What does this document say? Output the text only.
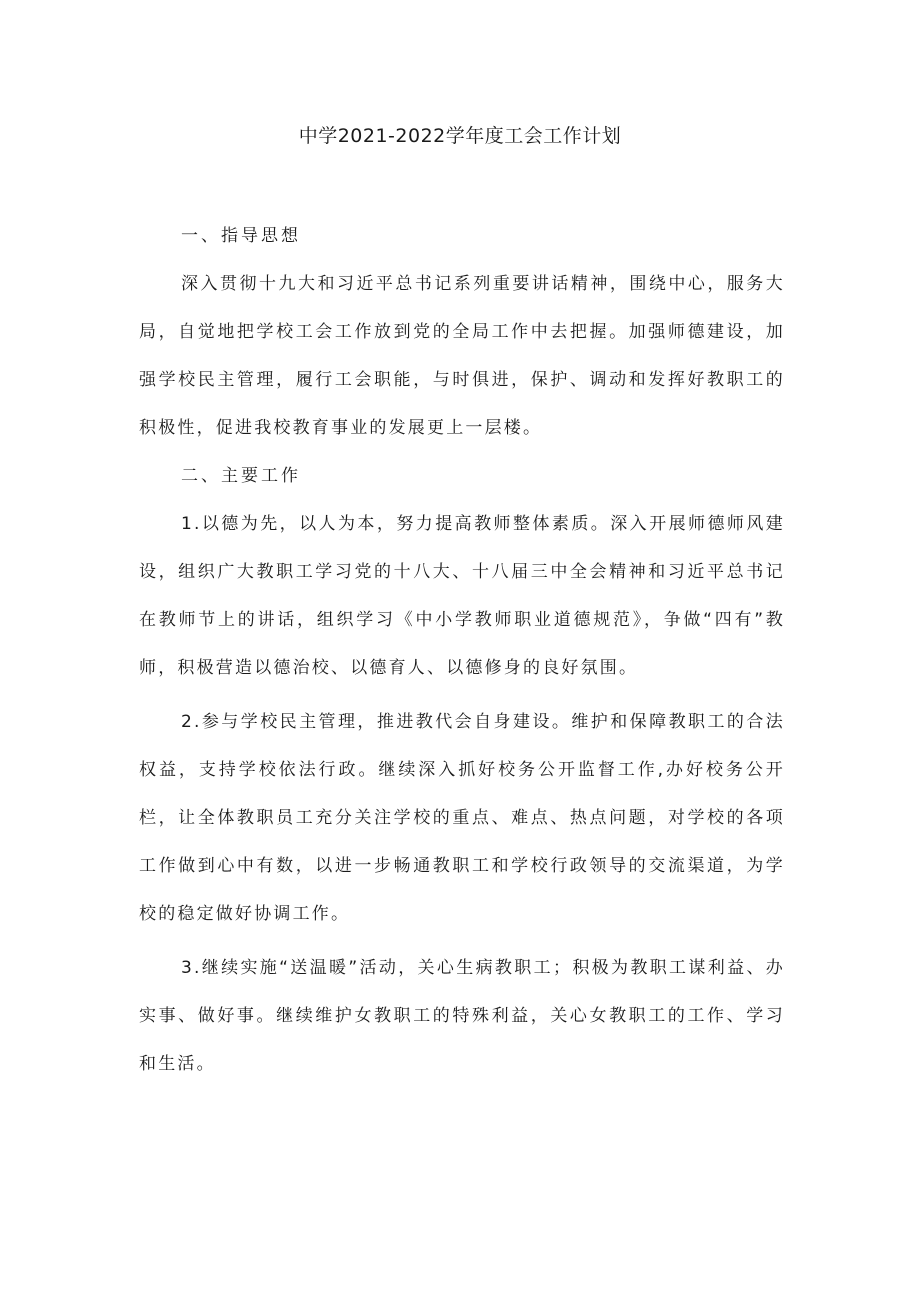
中学2021-2022学年度工会工作计划
一、指导思想

深入贯彻十九大和习近平总书记系列重要讲话精神，围绕中心，服务大局，自觉地把学校工会工作放到党的全局工作中去把握。加强师德建设，加强学校民主管理，履行工会职能，与时俱进，保护、调动和发挥好教职工的积极性，促进我校教育事业的发展更上一层楼。

二、主要工作

1.以德为先，以人为本，努力提高教师整体素质。深入开展师德师风建设，组织广大教职工学习党的十八大、十八届三中全会精神和习近平总书记在教师节上的讲话，组织学习《中小学教师职业道德规范》，争做“四有”教师，积极营造以德治校、以德育人、以德修身的良好氛围。

2.参与学校民主管理，推进教代会自身建设。维护和保障教职工的合法权益，支持学校依法行政。继续深入抓好校务公开监督工作,办好校务公开栏，让全体教职员工充分关注学校的重点、难点、热点问题，对学校的各项工作做到心中有数，以进一步畅通教职工和学校行政领导的交流渠道，为学校的稳定做好协调工作。

3.继续实施“送温暖”活动，关心生病教职工；积极为教职工谋利益、办实事、做好事。继续维护女教职工的特殊利益，关心女教职工的工作、学习和生活。
